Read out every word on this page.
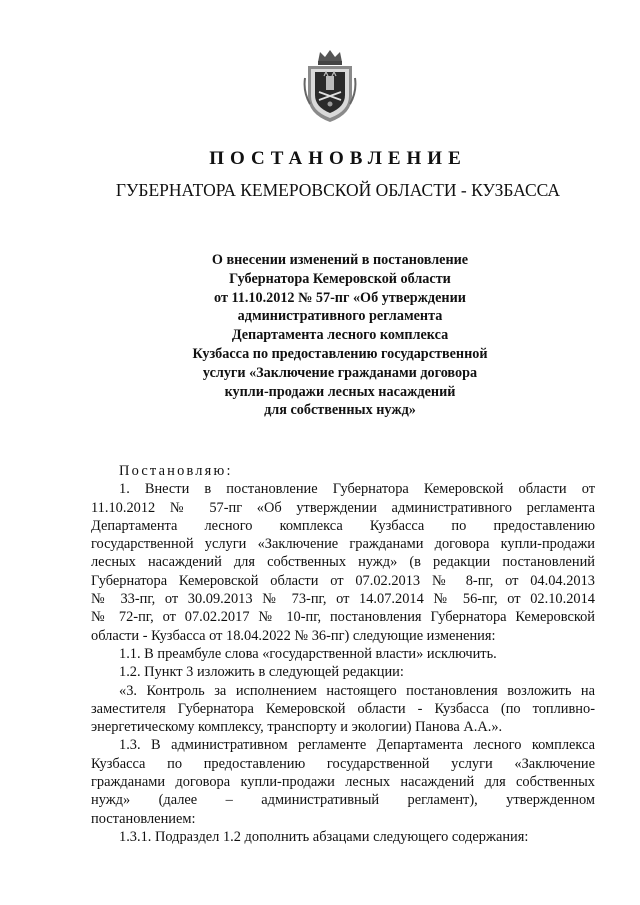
ПОСТАНОВЛЕНИЕ
ГУБЕРНАТОРА КЕМЕРОВСКОЙ ОБЛАСТИ - КУЗБАССА
О внесении изменений в постановление
Губернатора Кемеровской области
от 11.10.2012 № 57-пг «Об утверждении
административного регламента
Департамента лесного комплекса
Кузбасса по предоставлению государственной
услуги «Заключение гражданами договора
купли-продажи лесных насаждений
для собственных нужд»

Постановляю:

1. Внести в постановление Губернатора Кемеровской области от

11.10.2012 № 57-пг «Об утверждении административного регламента

Департамента лесного комплекса Кузбасса по предоставлению

государственной услуги «Заключение гражданами договора купли-продажи

лесных насаждений для собственных нужд» (в редакции постановлений

Губернатора Кемеровской области от 07.02.2013 № 8-пг, от 04.04.2013

№ 33-пг, от 30.09.2013 № 73-пг, от 14.07.2014 № 56-пг, от 02.10.2014

№ 72-пг, от 07.02.2017 № 10-пг, постановления Губернатора Кемеровской

области - Кузбасса от 18.04.2022 № 36-пг) следующие изменения:

1.1. В преамбуле слова «государственной власти» исключить.

1.2. Пункт 3 изложить в следующей редакции:

«3. Контроль за исполнением настоящего постановления возложить на

заместителя Губернатора Кемеровской области - Кузбасса (по топливно-

энергетическому комплексу, транспорту и экологии) Панова А.А.».

1.3. В административном регламенте Департамента лесного комплекса

Кузбасса по предоставлению государственной услуги «Заключение

гражданами договора купли-продажи лесных насаждений для собственных

нужд» (далее – административный регламент), утвержденном

постановлением:

1.3.1. Подраздел 1.2 дополнить абзацами следующего содержания:
